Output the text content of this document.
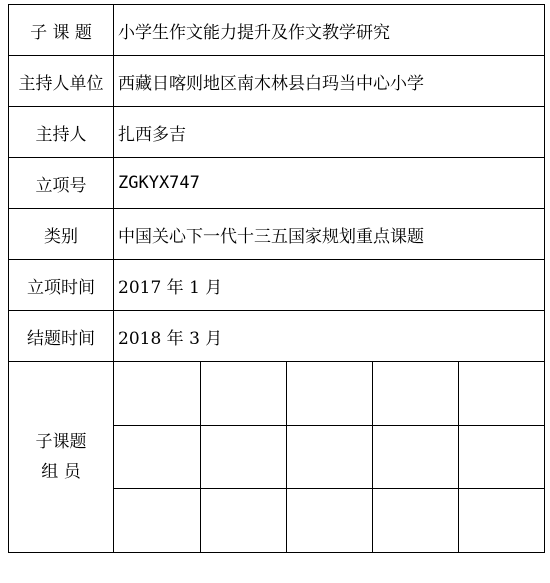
子 课 题	小学生作文能力提升及作文教学研究
主持人单位	西藏日喀则地区南木林县白玛当中心小学
主持人	扎西多吉
立项号	ZGKYX747
类别	中国关心下一代十三五国家规划重点课题
立项时间	2017 年 1 月
结题时间	2018 年 3 月

子课题
组 员
